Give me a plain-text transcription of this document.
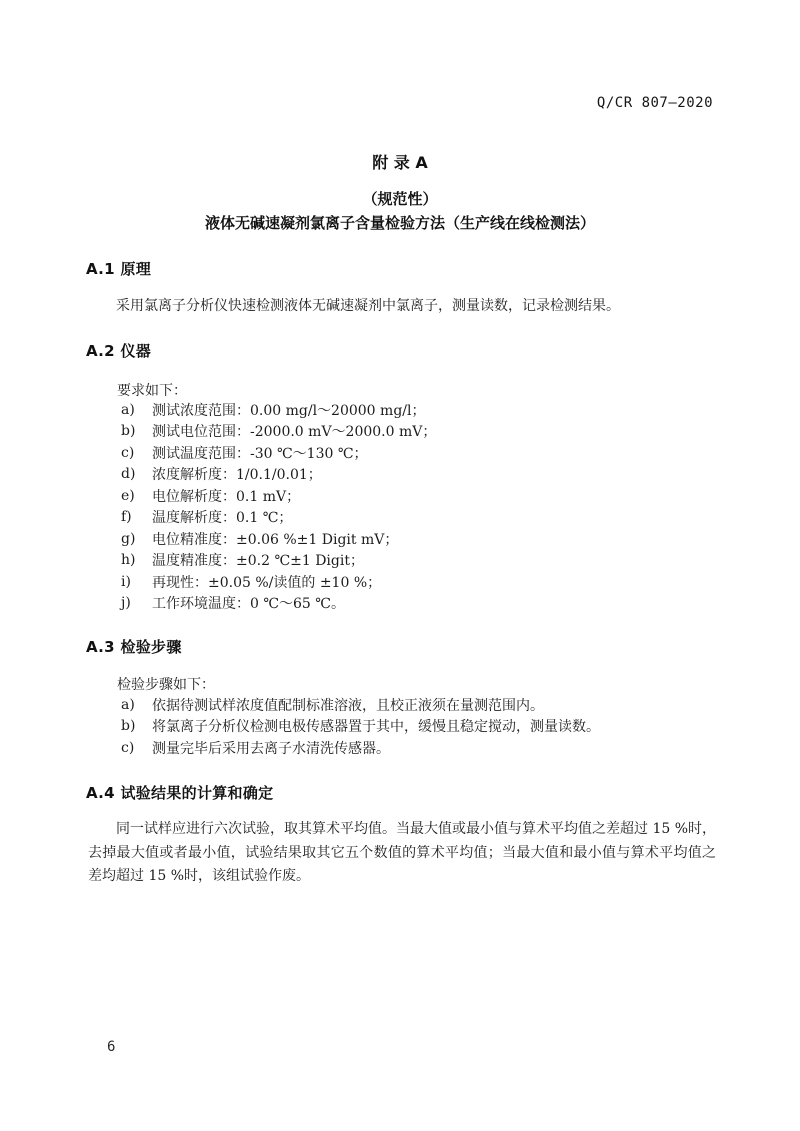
Q/CR 807—2020
附 录 A
（规范性）
液体无碱速凝剂氯离子含量检验方法（生产线在线检测法）
A.1 原理

采用氯离子分析仪快速检测液体无碱速凝剂中氯离子，测量读数，记录检测结果。

A.2 仪器
要求如下：
a)	测试浓度范围：0.00 mg/l～20000 mg/l；
b)	测试电位范围：-2000.0 mV～2000.0 mV；
c)	测试温度范围：-30 ℃～130 ℃；
d)	浓度解析度：1/0.1/0.01；
e)	电位解析度：0.1 mV；
f)	温度解析度：0.1 ℃；
g)	电位精准度：±0.06 %±1 Digit mV；
h)	温度精准度：±0.2 ℃±1 Digit；
i)	再现性：±0.05 %/读值的 ±10 %；
j)	工作环境温度：0 ℃～65 ℃。
A.3 检验步骤
检验步骤如下：
a)	依据待测试样浓度值配制标准溶液，且校正液须在量测范围内。
b)	将氯离子分析仪检测电极传感器置于其中，缓慢且稳定搅动，测量读数。
c)	测量完毕后采用去离子水清洗传感器。
A.4 试验结果的计算和确定

同一试样应进行六次试验，取其算术平均值。当最大值或最小值与算术平均值之差超过 15 %时，去掉最大值或者最小值，试验结果取其它五个数值的算术平均值；当最大值和最小值与算术平均值之差均超过 15 %时，该组试验作废。

6
